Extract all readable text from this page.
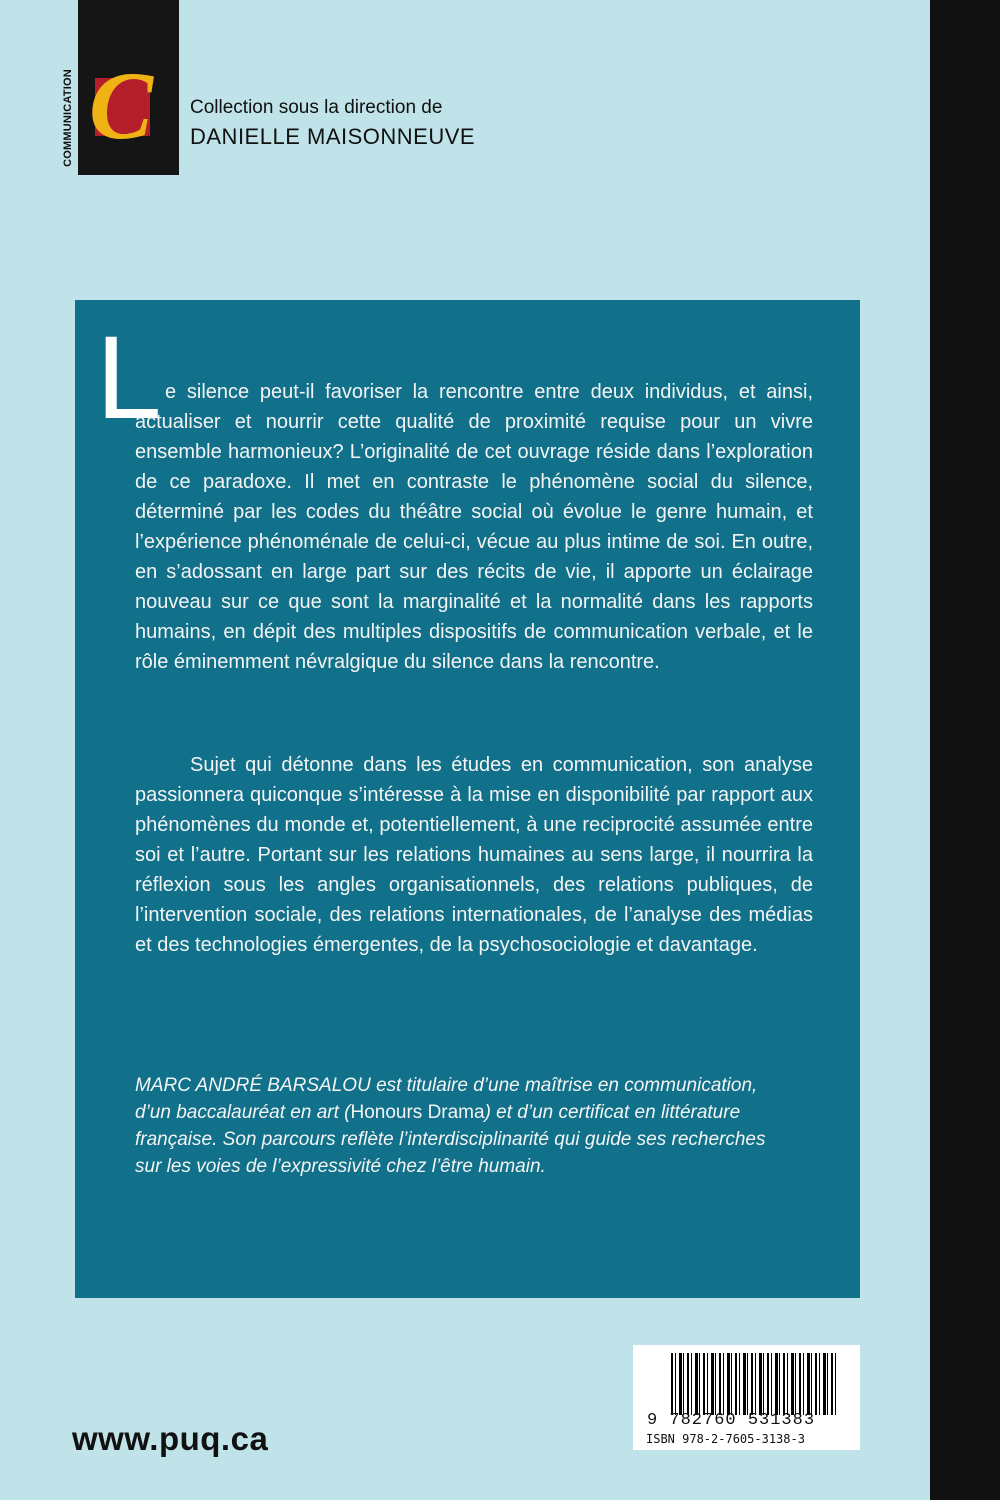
COMMUNICATION C Collection sous la direction de
DANIELLE MAISONNEUVE
L e silence peut-il favoriser la rencontre entre deux individus, et ainsi, actualiser et nourrir cette qualité de proximité requise pour un vivre ensemble harmonieux? L’originalité de cet ouvrage réside dans l’exploration de ce paradoxe. Il met en contraste le phénomène social du silence, déterminé par les codes du théâtre social où évolue le genre humain, et l’expérience phénoménale de celui-ci, vécue au plus intime de soi. En outre, en s’adossant en large part sur des récits de vie, il apporte un éclairage nouveau sur ce que sont la marginalité et la normalité dans les rapports humains, en dépit des multiples dispositifs de communication verbale, et le rôle éminemment névralgique du silence dans la rencontre.
Sujet qui détonne dans les études en communication, son analyse passionnera quiconque s’intéresse à la mise en disponibilité par rapport aux phénomènes du monde et, potentiellement, à une reciprocité assumée entre soi et l’autre. Portant sur les relations humaines au sens large, il nourrira la réflexion sous les angles organisationnels, des relations publiques, de l’intervention sociale, des relations internationales, de l’analyse des médias et des technologies émergentes, de la psychosociologie et davantage.
MARC ANDRÉ BARSALOU est titulaire d’une maîtrise en communication, d’un baccalauréat en art (Honours Drama) et d’un certificat en littérature française. Son parcours reflète l’interdisciplinarité qui guide ses recherches sur les voies de l’expressivité chez l’être humain.
9 782760 531383
ISBN 978-2-7605-3138-3
www.puq.ca
